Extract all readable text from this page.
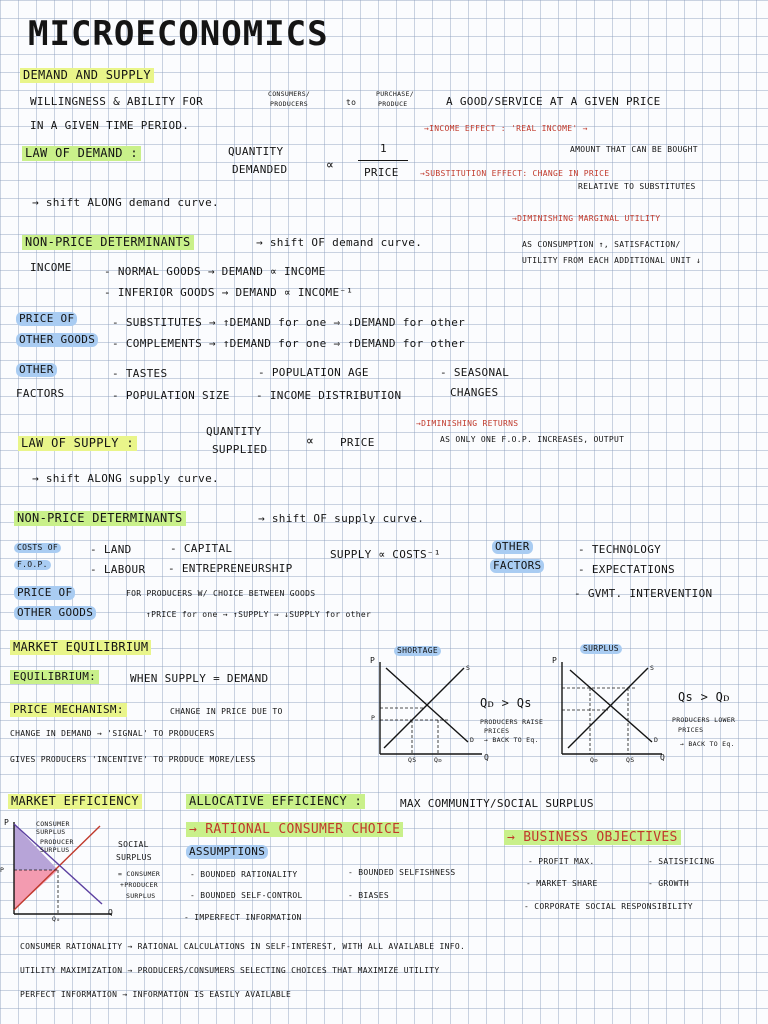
MICROECONOMICS
DEMAND AND SUPPLY
WILLINGNESS & ABILITY FOR
CONSUMERS/
PRODUCERS	to
PURCHASE/
PRODUCE	A GOOD/SERVICE AT A GIVEN PRICE
IN A GIVEN TIME PERIOD.
LAW OF DEMAND :	QUANTITY
DEMANDED	∝
1
PRICE
→ shift ALONG demand curve.
→INCOME EFFECT : 'REAL INCOME' →
AMOUNT THAT CAN BE BOUGHT
→SUBSTITUTION EFFECT: CHANGE IN PRICE
RELATIVE TO SUBSTITUTES
→DIMINISHING MARGINAL UTILITY
AS CONSUMPTION ↑, SATISFACTION/
UTILITY FROM EACH ADDITIONAL UNIT ↓
NON-PRICE DETERMINANTS	→ shift OF demand curve.
INCOME	- NORMAL GOODS → DEMAND ∝ INCOME
- INFERIOR GOODS → DEMAND ∝ INCOME⁻¹
PRICE OF
OTHER GOODS
- SUBSTITUTES → ↑DEMAND for one ⇒ ↓DEMAND for other
- COMPLEMENTS → ↑DEMAND for one ⇒ ↑DEMAND for other
OTHER
FACTORS
- TASTES
- POPULATION SIZE
- POPULATION AGE
- INCOME DISTRIBUTION
- SEASONAL
CHANGES
LAW OF SUPPLY :
QUANTITY
SUPPLIED
∝ PRICE
→ shift ALONG supply curve.
→DIMINISHING RETURNS
AS ONLY ONE F.O.P. INCREASES, OUTPUT
NON-PRICE DETERMINANTS	→ shift OF supply curve.
COSTS OF
F.O.P.
- LAND	- CAPITAL
- LABOUR - ENTREPRENEURSHIP
SUPPLY ∝ COSTS⁻¹
OTHER
FACTORS
- TECHNOLOGY
- EXPECTATIONS
- GVMT. INTERVENTION
PRICE OF
OTHER GOODS
FOR PRODUCERS W/ CHOICE BETWEEN GOODS
↑PRICE for one → ↑SUPPLY ⇒ ↓SUPPLY for other
MARKET EQUILIBRIUM
EQUILIBRIUM:	WHEN SUPPLY = DEMAND
PRICE MECHANISM:	CHANGE IN PRICE DUE TO
CHANGE IN DEMAND → 'SIGNAL' TO PRODUCERS
GIVES PRODUCERS 'INCENTIVE' TO PRODUCE MORE/LESS
SHORTAGE
P
Q
S
D
P
QS	Qᴅ
Qᴅ > Qs
PRODUCERS RAISE
PRICES
→ BACK TO Eq.
SURPLUS
P
Q
S
D
Qᴅ	QS
Qs > Qᴅ
PRODUCERS LOWER
PRICES
→ BACK TO Eq.
MARKET EFFICIENCY	ALLOCATIVE EFFICIENCY :	MAX COMMUNITY/SOCIAL SURPLUS
P
Q
P
Q₀
CONSUMER SURPLUS
PRODUCER SURPLUS
SOCIAL
SURPLUS
= CONSUMER
+PRODUCER
SURPLUS
→ RATIONAL CONSUMER CHOICE
ASSUMPTIONS
- BOUNDED RATIONALITY	- BOUNDED SELFISHNESS
- BOUNDED SELF-CONTROL	- BIASES
- IMPERFECT INFORMATION
→ BUSINESS OBJECTIVES
- PROFIT MAX.	- SATISFICING
- MARKET SHARE	- GROWTH
- CORPORATE SOCIAL RESPONSIBILITY
CONSUMER RATIONALITY → RATIONAL CALCULATIONS IN SELF-INTEREST, WITH ALL AVAILABLE INFO.
UTILITY MAXIMIZATION → PRODUCERS/CONSUMERS SELECTING CHOICES THAT MAXIMIZE UTILITY
PERFECT INFORMATION → INFORMATION IS EASILY AVAILABLE
